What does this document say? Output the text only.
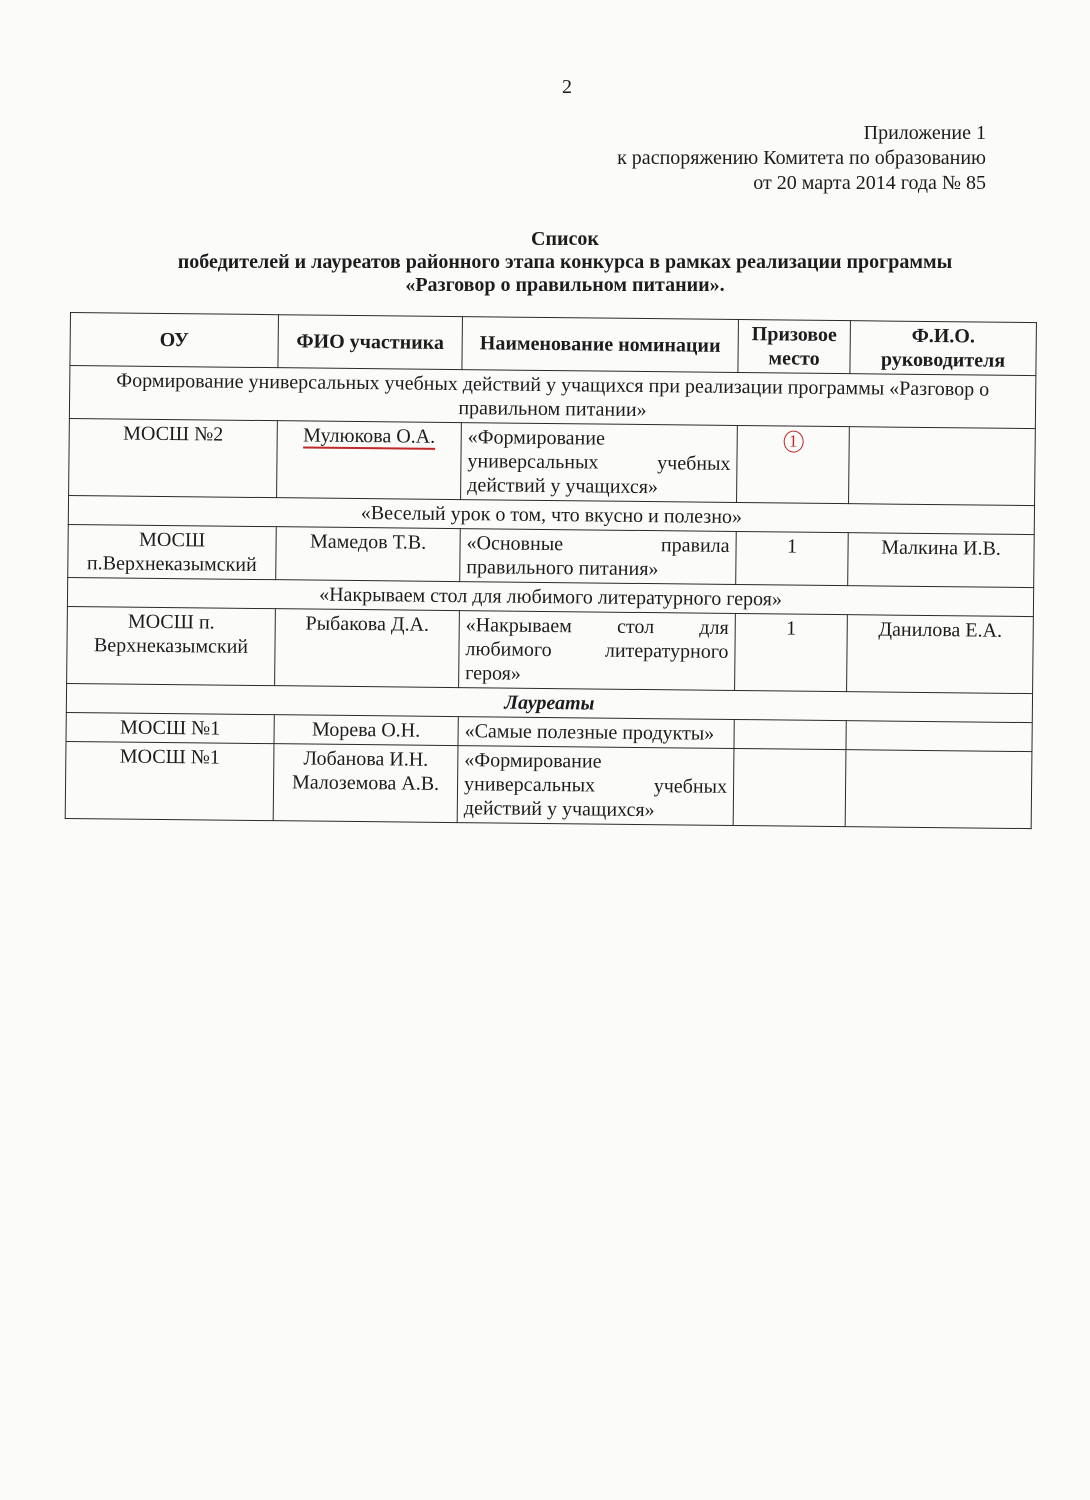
2
Приложение 1
к распоряжению Комитета по образованию
от 20 марта 2014 года № 85
Список
победителей и лауреатов районного этапа конкурса в рамках реализации программы
«Разговор о правильном питании».
ОУ	ФИО участника	Наименование номинации	Призовое место	Ф.И.О. руководителя
Формирование универсальных учебных действий у учащихся при реализации программы «Разговор о правильном питании»				
МОСШ №2	Мулюкова О.А.	«Формирование универсальных учебных действий у учащихся»	1	
«Веселый урок о том, что вкусно и полезно»				
МОСШ п.Верхнеказымский	Мамедов Т.В.	«Основные правила правильного питания»	1	Малкина И.В.
«Накрываем стол для любимого литературного героя»				
МОСШ п. Верхнеказымский	Рыбакова Д.А.	«Накрываем стол для любимого литературного героя»	1	Данилова Е.А.
Лауреаты				
МОСШ №1	Морева О.Н.	«Самые полезные продукты»		
МОСШ №1	Лобанова И.Н. Малоземова А.В.	«Формирование универсальных учебных действий у учащихся»		
